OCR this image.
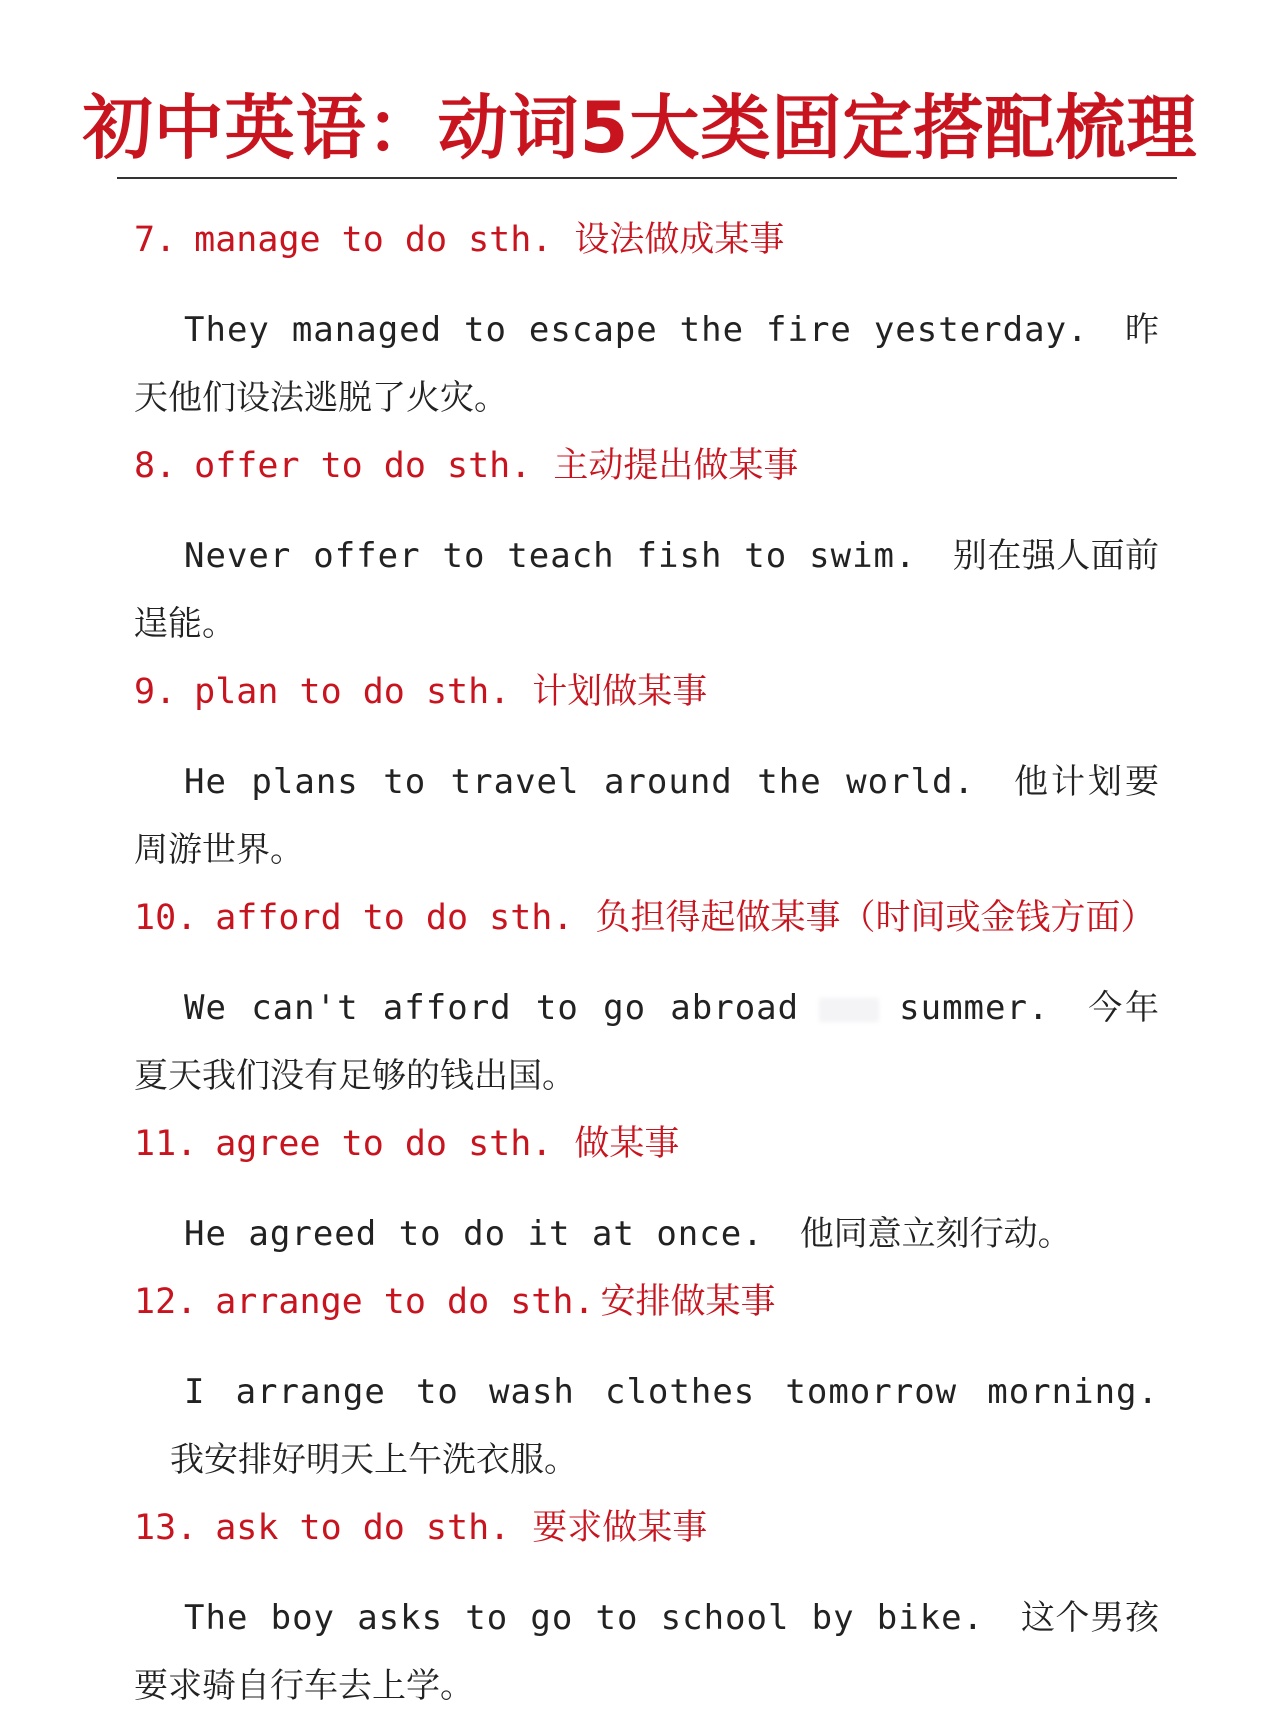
初中英语：动词5大类固定搭配梳理
7. manage to do sth. 设法做成某事
They managed to escape the fire yesterday. 昨天他们设法逃脱了火灾。
8. offer to do sth. 主动提出做某事
Never offer to teach fish to swim. 别在强人面前逞能。
9. plan to do sth. 计划做某事
He plans to travel around the world. 他计划要周游世界。
10. afford to do sth. 负担得起做某事（时间或金钱方面）
We can't afford to go abroad	summer. 今年夏天我们没有足够的钱出国。
11. agree to do sth. 做某事
He agreed to do it at once. 他同意立刻行动。
12. arrange to do sth. 安排做某事
I arrange to wash clothes tomorrow morning.我安排好明天上午洗衣服。
13. ask to do sth. 要求做某事
The boy asks to go to school by bike. 这个男孩要求骑自行车去上学。
